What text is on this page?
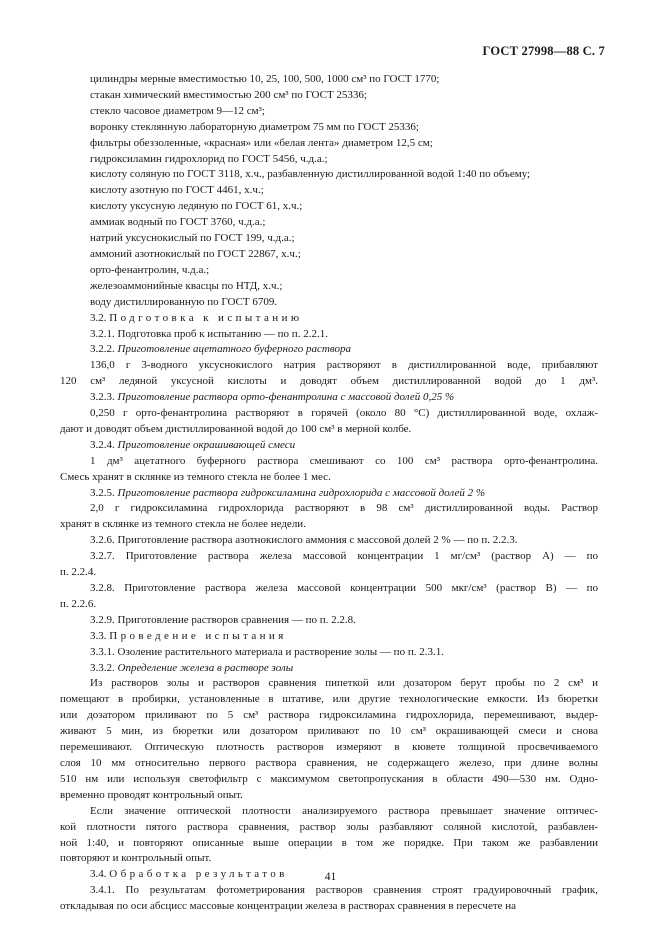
ГОСТ 27998—88 С. 7
цилиндры мерные вместимостью 10, 25, 100, 500, 1000 см³ по ГОСТ 1770;
стакан химический вместимостью 200 см³ по ГОСТ 25336;
стекло часовое диаметром 9—12 см³;
воронку стеклянную лабораторную диаметром 75 мм по ГОСТ 25336;
фильтры обеззоленные, «красная» или «белая лента» диаметром 12,5 см;
гидроксиламин гидрохлорид по ГОСТ 5456, ч.д.а.;
кислоту соляную по ГОСТ 3118, х.ч., разбавленную дистиллированной водой 1:40 по объему;
кислоту азотную по ГОСТ 4461, х.ч.;
кислоту уксусную ледяную по ГОСТ 61, х.ч.;
аммиак водный по ГОСТ 3760, ч.д.а.;
натрий уксуснокислый по ГОСТ 199, ч.д.а.;
аммоний азотнокислый по ГОСТ 22867, х.ч.;
орто-фенантролин, ч.д.а.;
железоаммонийные квасцы по НТД, х.ч.;
воду дистиллированную по ГОСТ 6709.
3.2. Подготовка к испытанию
3.2.1. Подготовка проб к испытанию — по п. 2.2.1.
3.2.2. Приготовление ацетатного буферного раствора
136,0 г 3-водного уксуснокислого натрия растворяют в дистиллированной воде, прибавляют
120 см³ ледяной уксусной кислоты и доводят объем дистиллированной водой до 1 дм³.
3.2.3. Приготовление раствора орто-фенантролина с массовой долей 0,25 %
0,250 г орто-фенантролина растворяют в горячей (около 80 °С) дистиллированной воде, охлаж-
дают и доводят объем дистиллированной водой до 100 см³ в мерной колбе.
3.2.4. Приготовление окрашивающей смеси
1 дм³ ацетатного буферного раствора смешивают со 100 см³ раствора орто-фенантролина.
Смесь хранят в склянке из темного стекла не более 1 мес.
3.2.5. Приготовление раствора гидроксиламина гидрохлорида с массовой долей 2 %
2,0 г гидроксиламина гидрохлорида растворяют в 98 см³ дистиллированной воды. Раствор
хранят в склянке из темного стекла не более недели.
3.2.6. Приготовление раствора азотнокислого аммония с массовой долей 2 % — по п. 2.2.3.
3.2.7. Приготовление раствора железа массовой концентрации 1 мг/см³ (раствор А) — по
п. 2.2.4.
3.2.8. Приготовление раствора железа массовой концентрации 500 мкг/см³ (раствор В) — по
п. 2.2.6.
3.2.9. Приготовление растворов сравнения — по п. 2.2.8.
3.3. Проведение испытания
3.3.1. Озоление растительного материала и растворение золы — по п. 2.3.1.
3.3.2. Определение железа в растворе золы
Из растворов золы и растворов сравнения пипеткой или дозатором берут пробы по 2 см³ и
помещают в пробирки, установленные в штативе, или другие технологические емкости. Из бюретки
или дозатором приливают по 5 см³ раствора гидроксиламина гидрохлорида, перемешивают, выдер-
живают 5 мин, из бюретки или дозатором приливают по 10 см³ окрашивающей смеси и снова
перемешивают. Оптическую плотность растворов измеряют в кювете толщиной просвечиваемого
слоя 10 мм относительно первого раствора сравнения, не содержащего железо, при длине волны
510 нм или используя светофильтр с максимумом светопропускания в области 490—530 нм. Одно-
временно проводят контрольный опыт.
Если значение оптической плотности анализируемого раствора превышает значение оптичес-
кой плотности пятого раствора сравнения, раствор золы разбавляют соляной кислотой, разбавлен-
ной 1:40, и повторяют описанные выше операции в том же порядке. При таком же разбавлении
повторяют и контрольный опыт.
3.4. Обработка результатов
3.4.1. По результатам фотометрирования растворов сравнения строят градуировочный график,
откладывая по оси абсцисс массовые концентрации железа в растворах сравнения в пересчете на
41
